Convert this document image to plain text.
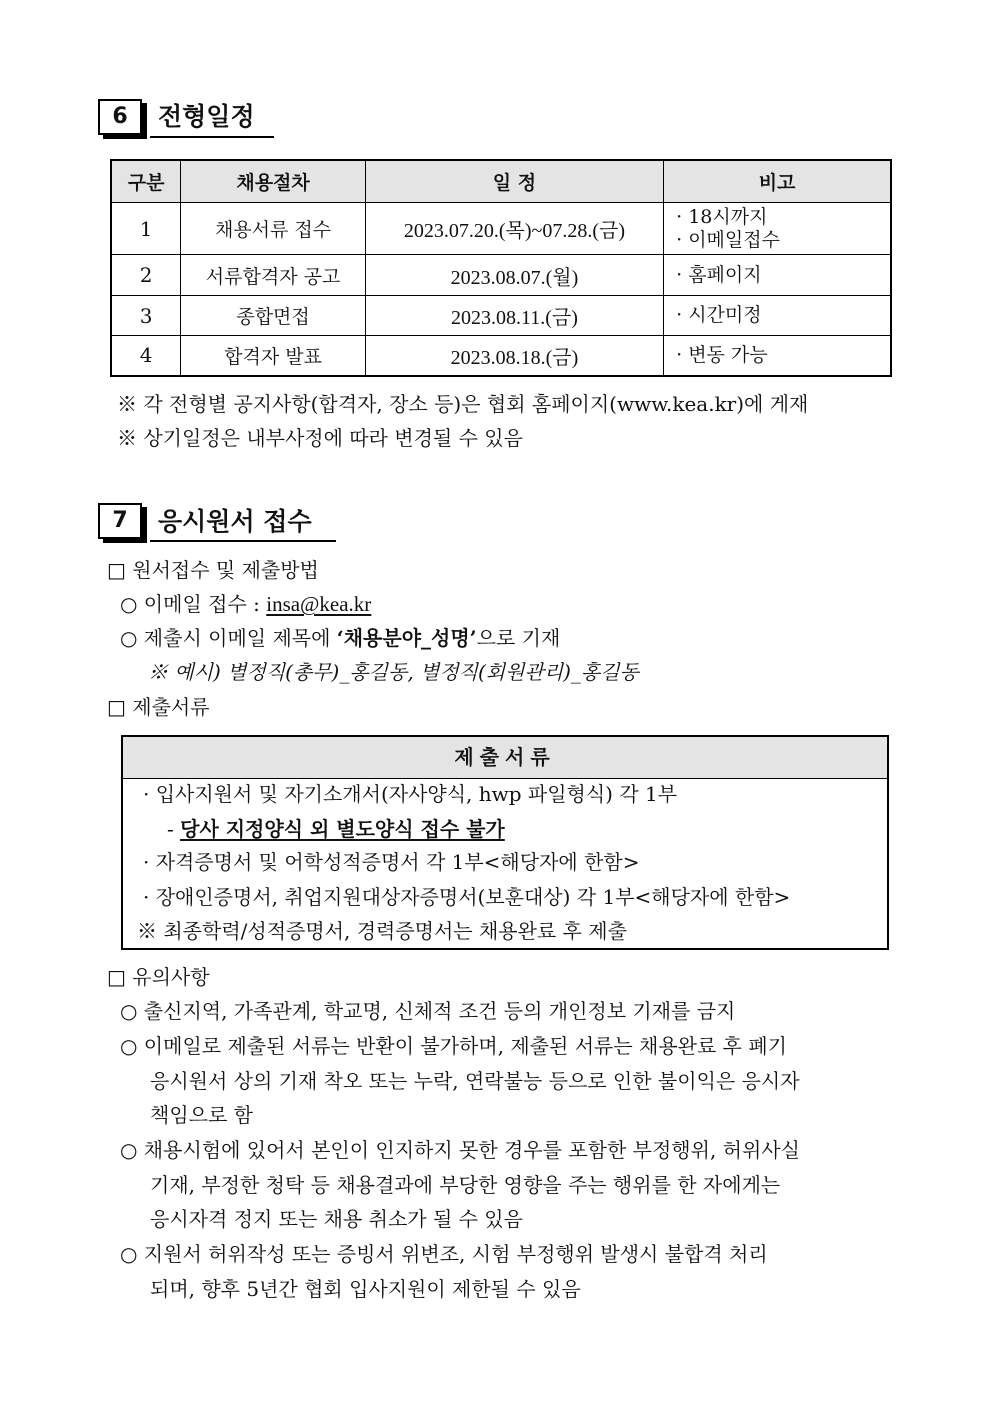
6	전형일정
구분	채용절차	일 정	비고
1	채용서류 접수	2023.07.20.(목)~07.28.(금)	· 18시까지
· 이메일접수

2	서류합격자 공고	2023.08.07.(월)	· 홈페이지

3	종합면접	2023.08.11.(금)	· 시간미정

4	합격자 발표	2023.08.18.(금)	· 변동 가능
※ 각 전형별 공지사항(합격자, 장소 등)은 협회 홈페이지(www.kea.kr)에 게재
※ 상기일정은 내부사정에 따라 변경될 수 있음
7	응시원서 접수
□ 원서접수 및 제출방법
○ 이메일 접수 : insa@kea.kr
○ 제출시 이메일 제목에 ‘채용분야_성명’으로 기재
※ 예시) 별정직(총무)_홍길동, 별정직(회원관리)_홍길동
□ 제출서류
제출서류
· 입사지원서 및 자기소개서(자사양식, hwp 파일형식) 각 1부
- 당사 지정양식 외 별도양식 접수 불가
· 자격증명서 및 어학성적증명서 각 1부<해당자에 한함>
· 장애인증명서, 취업지원대상자증명서(보훈대상) 각 1부<해당자에 한함>
※ 최종학력/성적증명서, 경력증명서는 채용완료 후 제출
□ 유의사항
○ 출신지역, 가족관계, 학교명, 신체적 조건 등의 개인정보 기재를 금지
○ 이메일로 제출된 서류는 반환이 불가하며, 제출된 서류는 채용완료 후 폐기
응시원서 상의 기재 착오 또는 누락, 연락불능 등으로 인한 불이익은 응시자
책임으로 함
○ 채용시험에 있어서 본인이 인지하지 못한 경우를 포함한 부정행위, 허위사실
기재, 부정한 청탁 등 채용결과에 부당한 영향을 주는 행위를 한 자에게는
응시자격 정지 또는 채용 취소가 될 수 있음
○ 지원서 허위작성 또는 증빙서 위변조, 시험 부정행위 발생시 불합격 처리
되며, 향후 5년간 협회 입사지원이 제한될 수 있음
